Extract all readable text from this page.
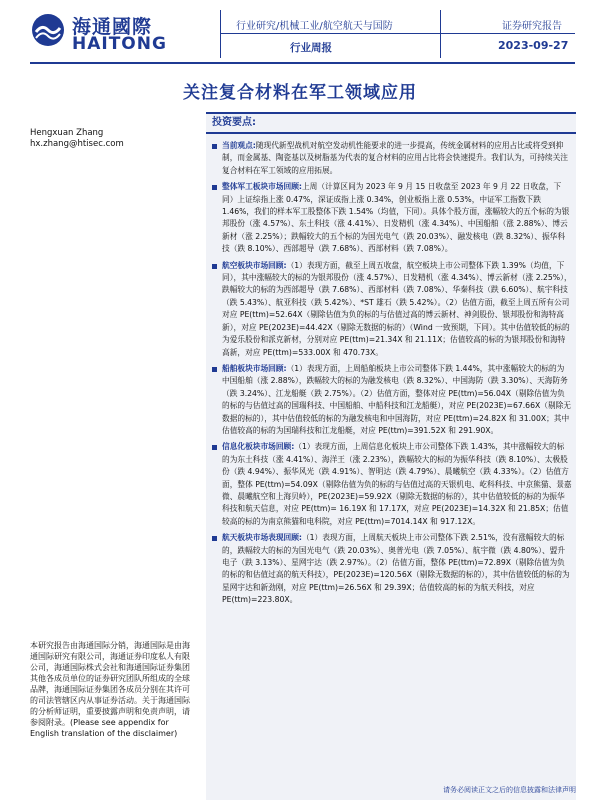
海通國際
HAITONG
行业研究/机械工业/航空航天与国防
行业周报
证券研究报告
2023-09-27
关注复合材料在军工领域应用
Hengxuan Zhang
hx.zhang@htisec.com
投资要点:
当前观点:随现代新型战机对航空发动机性能要求的进一步提高，传统金属材料的应用占比或将受到抑制，而金属基、陶瓷基以及树脂基为代表的复合材料的应用占比将会快速提升。我们认为，可持续关注复合材料在军工领域的应用拓展。
整体军工板块市场回顾:上周（计算区间为 2023 年 9 月 15 日收盘至 2023 年 9 月 22 日收盘，下同）上证综指上涨 0.47%，深证成指上涨 0.34%，创业板指上涨 0.53%，中证军工指数下跌 1.46%，我们的样本军工股整体下跌 1.54%（均值，下同）。具体个股方面，涨幅较大的五个标的为银邦股份（涨 4.57%）、东土科技（涨 4.41%）、日发精机（涨 4.34%）、中国船舶（涨 2.88%）、博云新材（涨 2.25%）；跌幅较大的五个标的为国光电气（跌 20.03%）、融发核电（跌 8.32%）、振华科技（跌 8.10%）、西部超导（跌 7.68%）、西部材料（跌 7.08%）。
航空板块市场回顾:（1）表现方面，截至上周五收盘，航空板块上市公司整体下跌 1.39%（均值，下同），其中涨幅较大的标的为银邦股份（涨 4.57%）、日发精机（涨 4.34%）、博云新材（涨 2.25%），跌幅较大的标的为西部超导（跌 7.68%）、西部材料（跌 7.08%）、华秦科技（跌 6.60%）、航宇科技（跌 5.43%）、航亚科技（跌 5.42%）、*ST 雄石（跌 5.42%）。（2）估值方面，截至上周五所有公司对应 PE(ttm)=52.64X（剔除估值为负的标的与估值过高的博云新材、神剑股份、银邦股份和海特高新），对应 PE(2023E)=44.42X（剔除无数据的标的）（Wind 一致预期，下同）。其中估值较低的标的为爱乐股份和派克新材，分别对应 PE(ttm)=21.34X 和 21.11X；估值较高的标的为银邦股份和海特高新，对应 PE(ttm)=533.00X 和 470.73X。
船舶板块市场回顾:（1）表现方面，上周船舶板块上市公司整体下跌 1.44%，其中涨幅较大的标的为中国船舶（涨 2.88%），跌幅较大的标的为融发核电（跌 8.32%）、中国海防（跌 3.30%）、天海防务（跌 3.24%）、江龙船艇（跌 2.75%）。（2）估值方面，整体对应 PE(ttm)=56.04X（剔除估值为负的标的与估值过高的国瑞科技、中国船舶、中船科技和江龙船艇），对应 PE(2023E)=67.66X（剔除无数据的标的），其中估值较低的标的为融发核电和中国海防，对应 PE(ttm)=24.82X 和 31.00X；其中估值较高的标的为国瑞科技和江龙船艇，对应 PE(ttm)=391.52X 和 291.90X。
信息化板块市场回顾:（1）表现方面，上周信息化板块上市公司整体下跌 1.43%，其中涨幅较大的标的为东土科技（涨 4.41%）、海洋王（涨 2.23%），跌幅较大的标的为振华科技（跌 8.10%）、太极股份（跌 4.94%）、振华风光（跌 4.91%）、智明达（跌 4.79%）、晨曦航空（跌 4.33%）。（2）估值方面，整体 PE(ttm)=54.09X（剔除估值为负的标的与估值过高的天银机电、屹科科技、中京熊猫、景嘉微、晨曦航空和上海贝岭），PE(2023E)=59.92X（剔除无数据的标的），其中估值较低的标的为振华科技和航天信息，对应 PE(ttm)= 16.19X 和 17.17X，对应 PE(2023E)=14.32X 和 21.85X；估值较高的标的为南京熊猫和电科院，对应 PE(ttm)=7014.14X 和 917.12X。
航天板块市场表现回顾:（1）表现方面，上周航天板块上市公司整体下跌 2.51%，没有涨幅较大的标的，跌幅较大的标的为国光电气（跌 20.03%）、奥普光电（跌 7.05%）、航宇微（跌 4.80%）、盟升电子（跌 3.13%）、星网宇达（跌 2.97%）。（2）估值方面，整体 PE(ttm)=72.89X（剔除估值为负的标的和估值过高的航天科技），PE(2023E)=120.56X（剔除无数据的标的），其中估值较低的标的为星网宇达和新劲刚，对应 PE(ttm)=26.56X 和 29.39X；估值较高的标的为航天科技，对应 PE(ttm)=223.80X。
本研究报告由海通国际分销，海通国际是由海通国际研究有限公司，海通证券印度私人有限公司，海通国际株式会社和海通国际证券集团其他各成员单位的证券研究团队所组成的全球品牌，海通国际证券集团各成员分别在其许可的司法管辖区内从事证券活动。关于海通国际的分析师证明，重要披露声明和免责声明，请参阅附录。(Please see appendix for English translation of the disclaimer)
请务必阅读正文之后的信息披露和法律声明
